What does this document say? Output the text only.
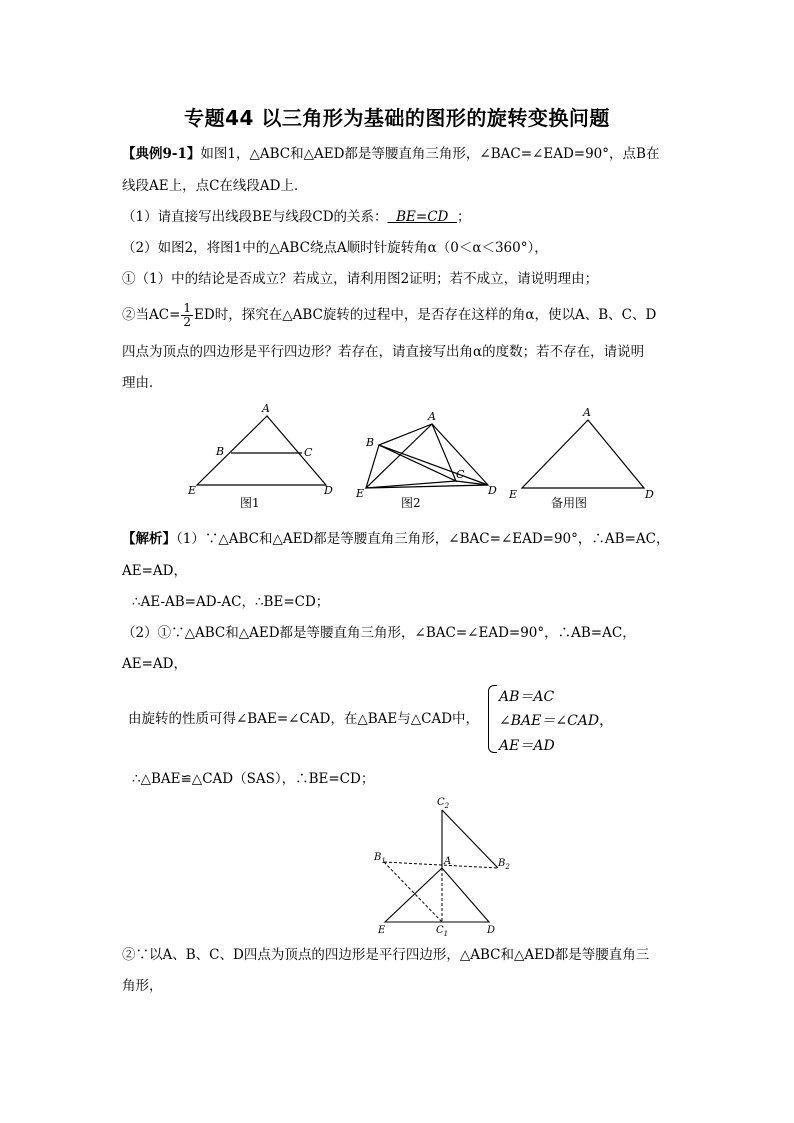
专题44 以三角形为基础的图形的旋转变换问题
【典例9-1】如图1，△ABC和△AED都是等腰直角三角形，∠BAC=∠EAD=90°，点B在
线段AE上，点C在线段AD上．
（1）请直接写出线段BE与线段CD的关系：  BE=CD  ；
（2）如图2，将图1中的△ABC绕点A顺时针旋转角α（0＜α＜360°），
①（1）中的结论是否成立？若成立，请利用图2证明；若不成立，请说明理由；
②当$AC= \frac{1}{2}$ ED时，探究在△ABC旋转的过程中，是否存在这样的角α，使以A、B、C、D
四点为顶点的四边形是平行四边形？若存在，请直接写出角α的度数；若不存在，请说明
理由．
A
B	C
E	D
图1
A
B
C
E	D
图2
A
E	D
备用图
【解析】（1）∵△ABC和△AED都是等腰直角三角形，∠BAC=∠EAD=90°，∴AB=AC，
AE=AD，
∴AE-AB=AD-AC，∴BE=CD；
（2）①∵△ABC和△AED都是等腰直角三角形，∠BAC=∠EAD=90°，∴AB=AC，
AE=AD，
由旋转的性质可得∠BAE=∠CAD，在△BAE与△CAD中，
AB＝AC
∠BAE＝∠CAD，
AE＝AD
∴△BAE≌△CAD（SAS），∴BE=CD；
$C_2$
$B_1$	A	$B_2$
E	$C_1$	D
②∵以A、B、C、D四点为顶点的四边形是平行四边形，△ABC和△AED都是等腰直角三
角形，
